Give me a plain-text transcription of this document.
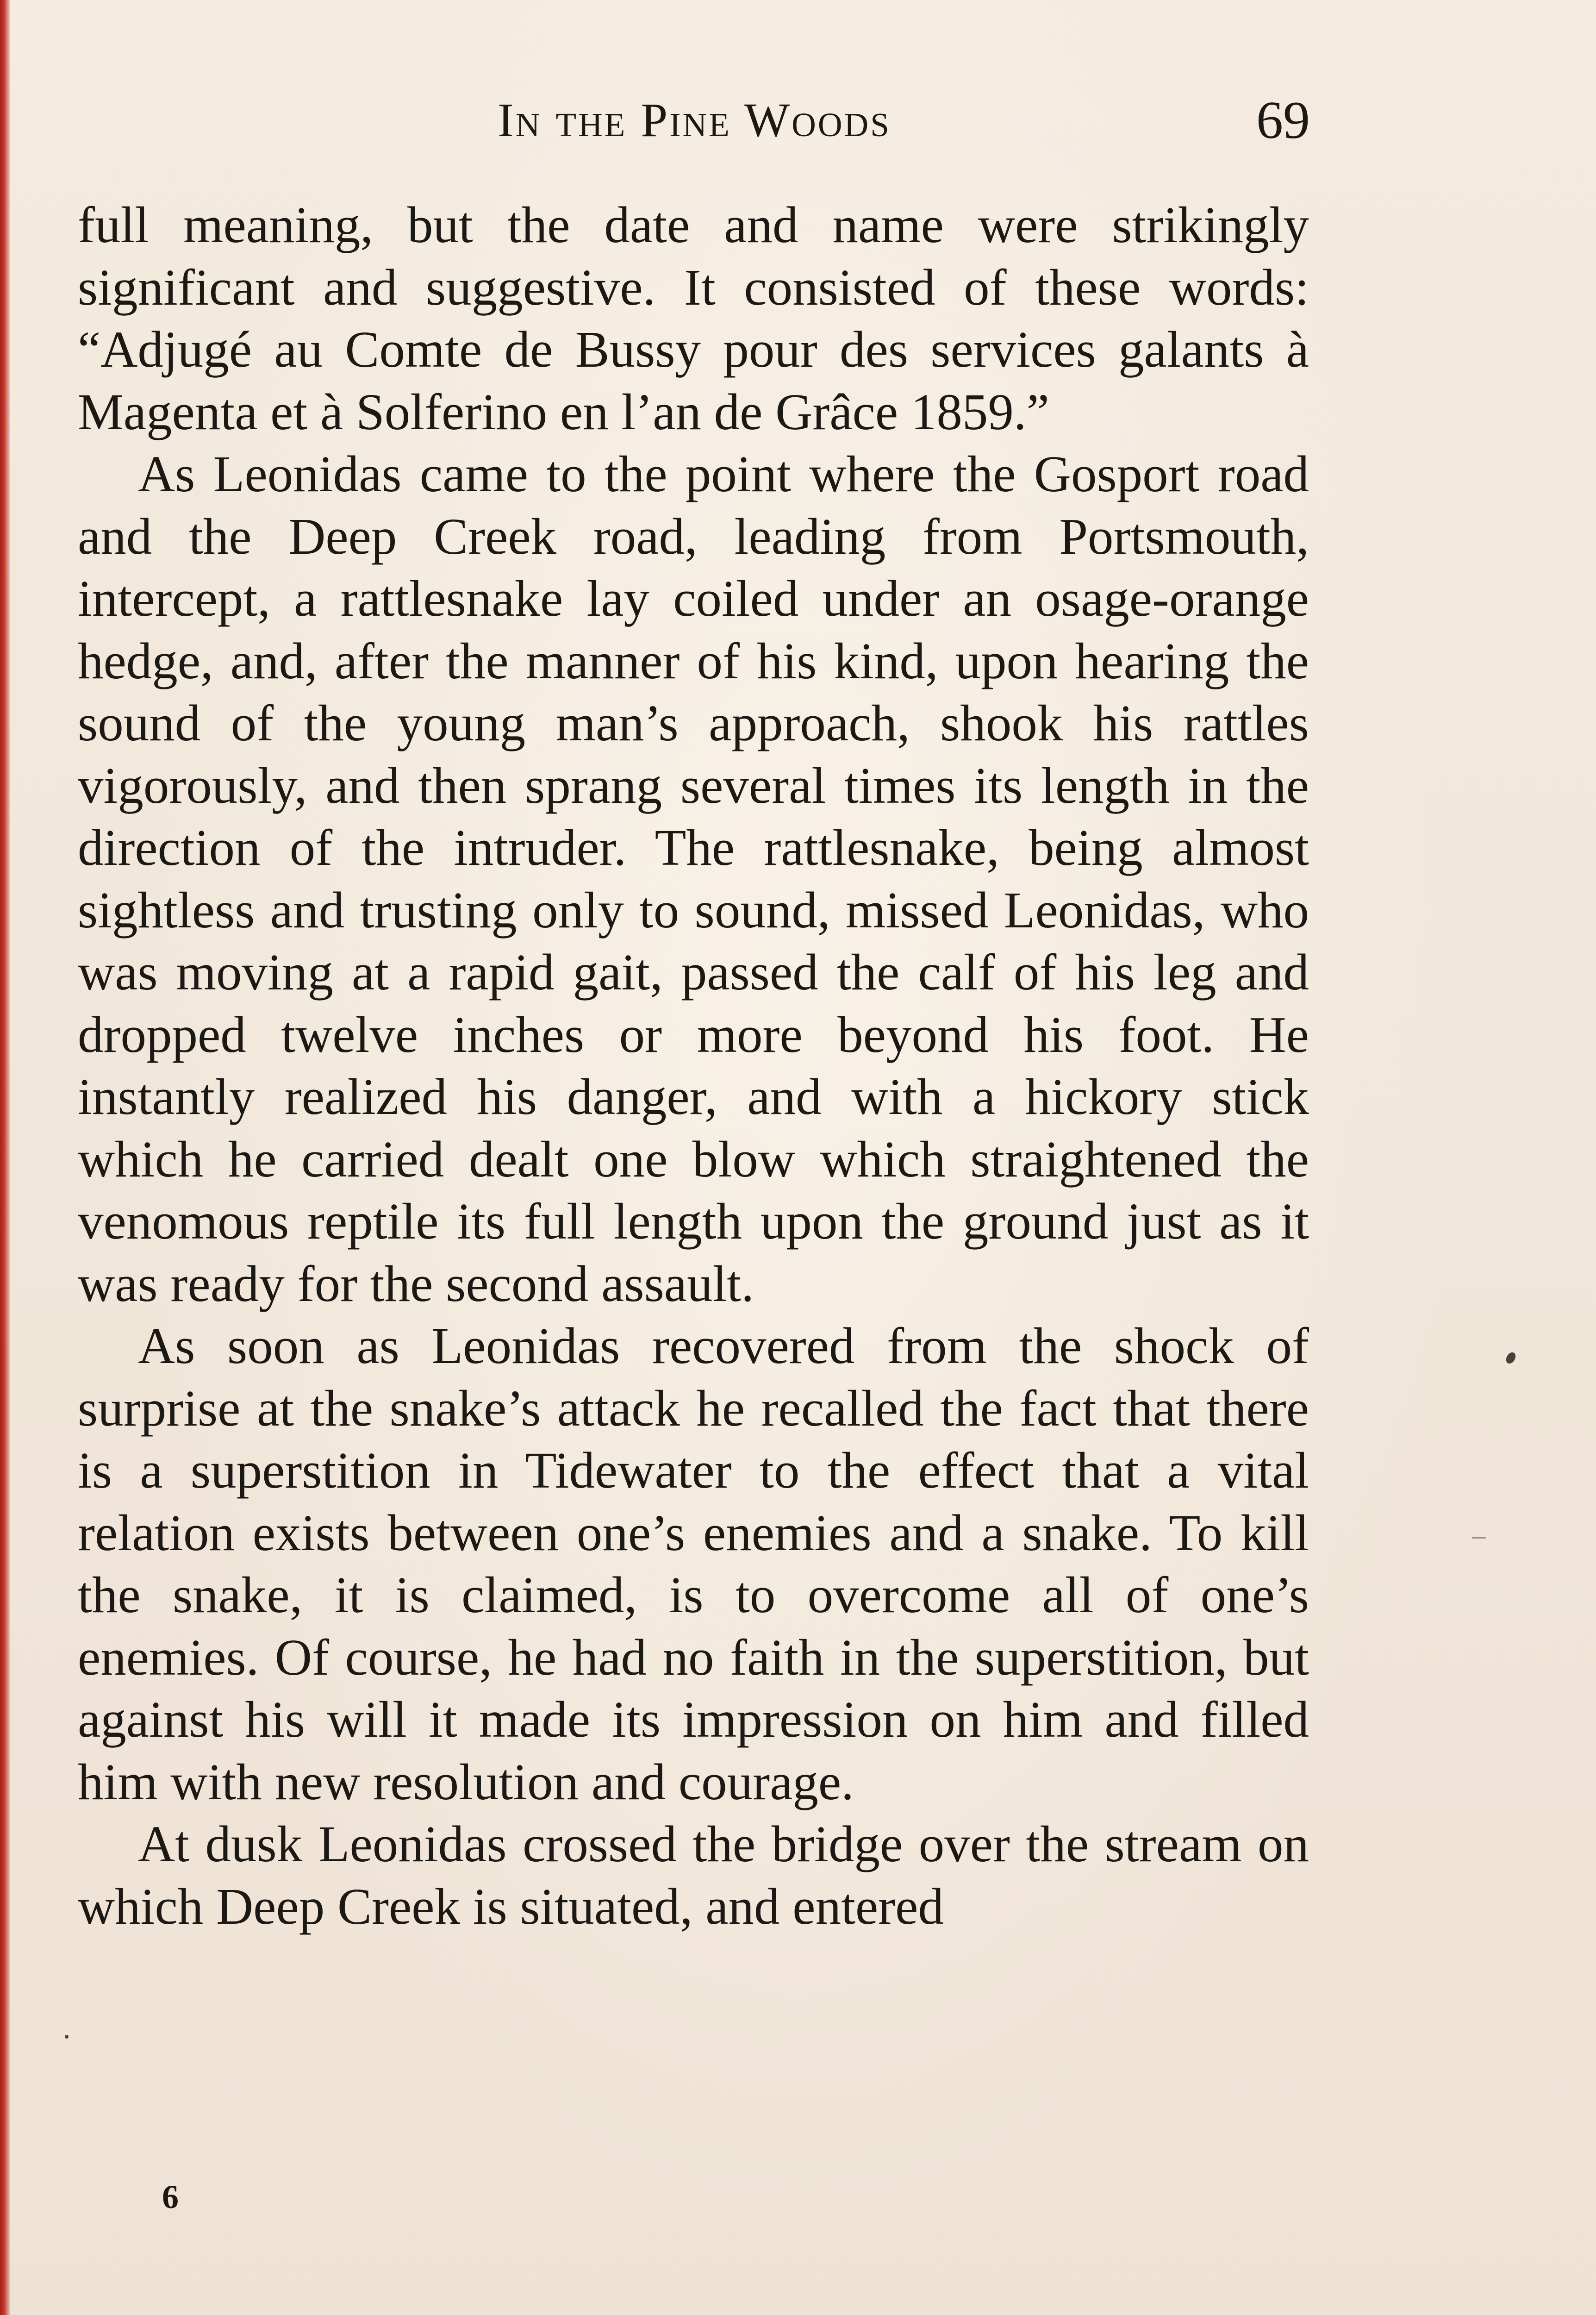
In the Pine Woods	69

full meaning, but the date and name were strikingly significant and suggestive. It consisted of these words: “Adjugé au Comte de Bussy pour des services galants à Magenta et à Solferino en l’an de Grâce 1859.”

As Leonidas came to the point where the Gosport road and the Deep Creek road, leading from Portsmouth, intercept, a rattlesnake lay coiled under an osage-orange hedge, and, after the manner of his kind, upon hearing the sound of the young man’s approach, shook his rattles vigorously, and then sprang several times its length in the direction of the intruder. The rattlesnake, being almost sightless and trusting only to sound, missed Leonidas, who was moving at a rapid gait, passed the calf of his leg and dropped twelve inches or more beyond his foot. He instantly realized his danger, and with a hickory stick which he carried dealt one blow which straightened the venomous reptile its full length upon the ground just as it was ready for the second assault.

As soon as Leonidas recovered from the shock of surprise at the snake’s attack he recalled the fact that there is a superstition in Tidewater to the effect that a vital relation exists between one’s enemies and a snake. To kill the snake, it is claimed, is to overcome all of one’s enemies. Of course, he had no faith in the superstition, but against his will it made its impression on him and filled him with new resolution and courage.

At dusk Leonidas crossed the bridge over the stream on which Deep Creek is situated, and entered

6
